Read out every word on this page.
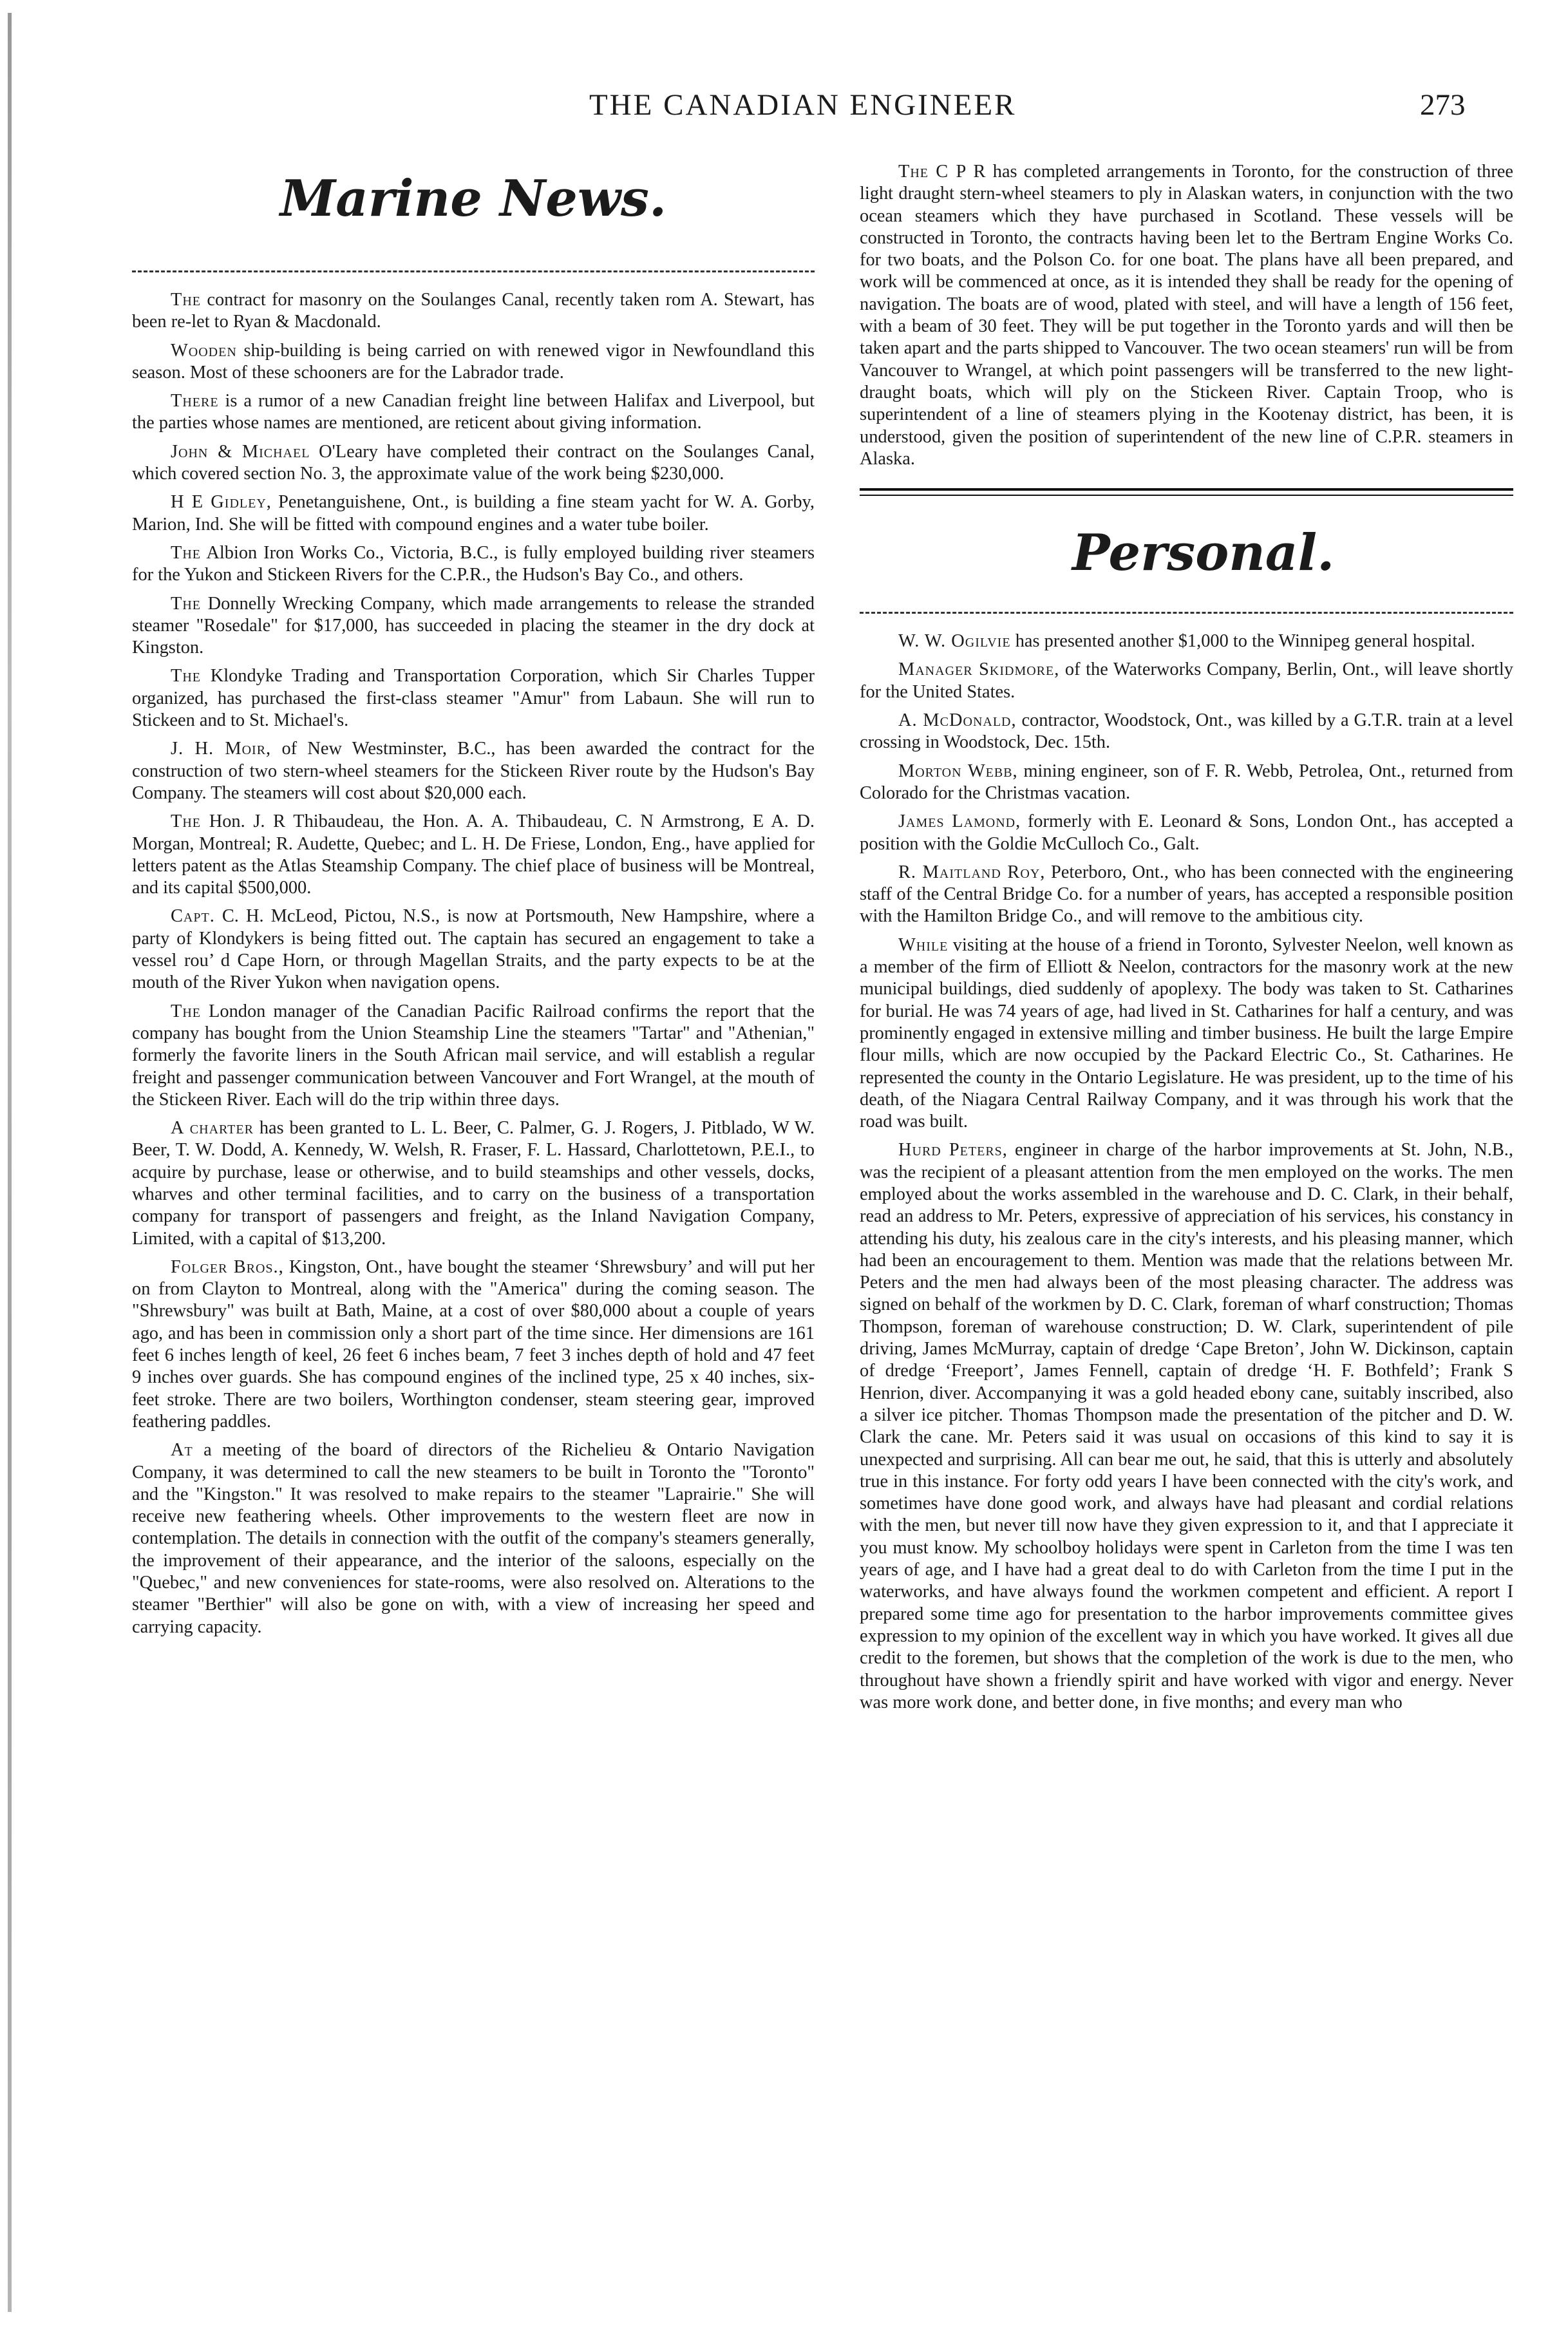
THE CANADIAN ENGINEER	273
Marine News.

The contract for masonry on the Soulanges Canal, recently taken rom A. Stewart, has been re-let to Ryan & Macdonald.

Wooden ship-building is being carried on with renewed vigor in Newfoundland this season. Most of these schooners are for the Labrador trade.

There is a rumor of a new Canadian freight line between Halifax and Liverpool, but the parties whose names are mentioned, are reticent about giving information.

John & Michael O'Leary have completed their contract on the Soulanges Canal, which covered section No. 3, the approximate value of the work being $230,000.

H E Gidley, Penetanguishene, Ont., is building a fine steam yacht for W. A. Gorby, Marion, Ind. She will be fitted with compound engines and a water tube boiler.

The Albion Iron Works Co., Victoria, B.C., is fully employed building river steamers for the Yukon and Stickeen Rivers for the C.P.R., the Hudson's Bay Co., and others.

The Donnelly Wrecking Company, which made arrangements to release the stranded steamer "Rosedale" for $17,000, has succeeded in placing the steamer in the dry dock at Kingston.

The Klondyke Trading and Transportation Corporation, which Sir Charles Tupper organized, has purchased the first-class steamer "Amur" from Labaun. She will run to Stickeen and to St. Michael's.

J. H. Moir, of New Westminster, B.C., has been awarded the contract for the construction of two stern-wheel steamers for the Stickeen River route by the Hudson's Bay Company. The steamers will cost about $20,000 each.

The Hon. J. R Thibaudeau, the Hon. A. A. Thibaudeau, C. N Armstrong, E A. D. Morgan, Montreal; R. Audette, Quebec; and L. H. De Friese, London, Eng., have applied for letters patent as the Atlas Steamship Company. The chief place of business will be Montreal, and its capital $500,000.

Capt. C. H. McLeod, Pictou, N.S., is now at Portsmouth, New Hampshire, where a party of Klondykers is being fitted out. The captain has secured an engagement to take a vessel rou’ d Cape Horn, or through Magellan Straits, and the party expects to be at the mouth of the River Yukon when navigation opens.

The London manager of the Canadian Pacific Railroad confirms the report that the company has bought from the Union Steamship Line the steamers "Tartar" and "Athenian," formerly the favorite liners in the South African mail service, and will establish a regular freight and passenger communication between Vancouver and Fort Wrangel, at the mouth of the Stickeen River. Each will do the trip within three days.

A charter has been granted to L. L. Beer, C. Palmer, G. J. Rogers, J. Pitblado, W W. Beer, T. W. Dodd, A. Kennedy, W. Welsh, R. Fraser, F. L. Hassard, Charlottetown, P.E.I., to acquire by purchase, lease or otherwise, and to build steamships and other vessels, docks, wharves and other terminal facilities, and to carry on the business of a transportation company for transport of passengers and freight, as the Inland Navigation Company, Limited, with a capital of $13,200.

Folger Bros., Kingston, Ont., have bought the steamer ‘Shrewsbury’ and will put her on from Clayton to Montreal, along with the "America" during the coming season. The "Shrewsbury" was built at Bath, Maine, at a cost of over $80,000 about a couple of years ago, and has been in commission only a short part of the time since. Her dimensions are 161 feet 6 inches length of keel, 26 feet 6 inches beam, 7 feet 3 inches depth of hold and 47 feet 9 inches over guards. She has compound engines of the inclined type, 25 x 40 inches, six-feet stroke. There are two boilers, Worthington condenser, steam steering gear, improved feathering paddles.

At a meeting of the board of directors of the Richelieu & Ontario Navigation Company, it was determined to call the new steamers to be built in Toronto the "Toronto" and the "Kingston." It was resolved to make repairs to the steamer "Laprairie." She will receive new feathering wheels. Other improvements to the western fleet are now in contemplation. The details in connection with the outfit of the company's steamers generally, the improvement of their appearance, and the interior of the saloons, especially on the "Quebec," and new conveniences for state-rooms, were also resolved on. Alterations to the steamer "Berthier" will also be gone on with, with a view of increasing her speed and carrying capacity.

The C P R has completed arrangements in Toronto, for the construction of three light draught stern-wheel steamers to ply in Alaskan waters, in conjunction with the two ocean steamers which they have purchased in Scotland. These vessels will be constructed in Toronto, the contracts having been let to the Bertram Engine Works Co. for two boats, and the Polson Co. for one boat. The plans have all been prepared, and work will be commenced at once, as it is intended they shall be ready for the opening of navigation. The boats are of wood, plated with steel, and will have a length of 156 feet, with a beam of 30 feet. They will be put together in the Toronto yards and will then be taken apart and the parts shipped to Vancouver. The two ocean steamers' run will be from Vancouver to Wrangel, at which point passengers will be transferred to the new light-draught boats, which will ply on the Stickeen River. Captain Troop, who is superintendent of a line of steamers plying in the Kootenay district, has been, it is understood, given the position of superintendent of the new line of C.P.R. steamers in Alaska.

Personal.

W. W. Ogilvie has presented another $1,000 to the Winnipeg general hospital.

Manager Skidmore, of the Waterworks Company, Berlin, Ont., will leave shortly for the United States.

A. McDonald, contractor, Woodstock, Ont., was killed by a G.T.R. train at a level crossing in Woodstock, Dec. 15th.

Morton Webb, mining engineer, son of F. R. Webb, Petrolea, Ont., returned from Colorado for the Christmas vacation.

James Lamond, formerly with E. Leonard & Sons, London Ont., has accepted a position with the Goldie McCulloch Co., Galt.

R. Maitland Roy, Peterboro, Ont., who has been connected with the engineering staff of the Central Bridge Co. for a number of years, has accepted a responsible position with the Hamilton Bridge Co., and will remove to the ambitious city.

While visiting at the house of a friend in Toronto, Sylvester Neelon, well known as a member of the firm of Elliott & Neelon, contractors for the masonry work at the new municipal buildings, died suddenly of apoplexy. The body was taken to St. Catharines for burial. He was 74 years of age, had lived in St. Catharines for half a century, and was prominently engaged in extensive milling and timber business. He built the large Empire flour mills, which are now occupied by the Packard Electric Co., St. Catharines. He represented the county in the Ontario Legislature. He was president, up to the time of his death, of the Niagara Central Railway Company, and it was through his work that the road was built.

Hurd Peters, engineer in charge of the harbor improvements at St. John, N.B., was the recipient of a pleasant attention from the men employed on the works. The men employed about the works assembled in the warehouse and D. C. Clark, in their behalf, read an address to Mr. Peters, expressive of appreciation of his services, his constancy in attending his duty, his zealous care in the city's interests, and his pleasing manner, which had been an encouragement to them. Mention was made that the relations between Mr. Peters and the men had always been of the most pleasing character. The address was signed on behalf of the workmen by D. C. Clark, foreman of wharf construction; Thomas Thompson, foreman of warehouse construction; D. W. Clark, superintendent of pile driving, James McMurray, captain of dredge ‘Cape Breton’, John W. Dickinson, captain of dredge ‘Freeport’, James Fennell, captain of dredge ‘H. F. Bothfeld’; Frank S Henrion, diver. Accompanying it was a gold headed ebony cane, suitably inscribed, also a silver ice pitcher. Thomas Thompson made the presentation of the pitcher and D. W. Clark the cane. Mr. Peters said it was usual on occasions of this kind to say it is unexpected and surprising. All can bear me out, he said, that this is utterly and absolutely true in this instance. For forty odd years I have been connected with the city's work, and sometimes have done good work, and always have had pleasant and cordial relations with the men, but never till now have they given expression to it, and that I appreciate it you must know. My schoolboy holidays were spent in Carleton from the time I was ten years of age, and I have had a great deal to do with Carleton from the time I put in the waterworks, and have always found the workmen competent and efficient. A report I prepared some time ago for presentation to the harbor improvements committee gives expression to my opinion of the excellent way in which you have worked. It gives all due credit to the foremen, but shows that the completion of the work is due to the men, who throughout have shown a friendly spirit and have worked with vigor and energy. Never was more work done, and better done, in five months; and every man who
